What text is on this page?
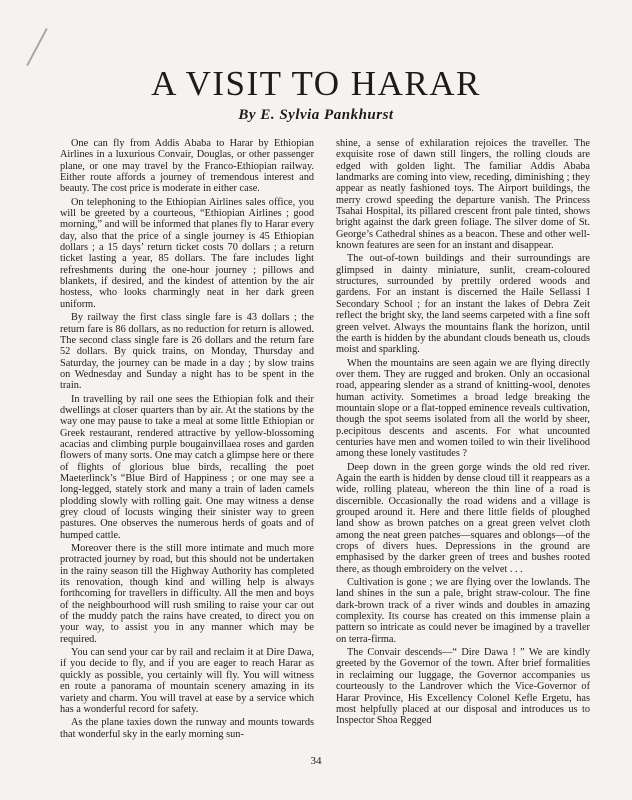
A VISIT TO HARAR
By E. Sylvia Pankhurst

One can fly from Addis Ababa to Harar by Ethiopian Airlines in a luxurious Convair, Douglas, or other passenger plane, or one may travel by the Franco-Ethiopian railway. Either route affords a journey of tremendous interest and beauty. The cost price is moderate in either case.

On telephoning to the Ethiopian Airlines sales office, you will be greeted by a courteous, “Ethiopian Airlines ; good morning,” and will be informed that planes fly to Harar every day, also that the price of a single journey is 45 Ethiopian dollars ; a 15 days’ return ticket costs 70 dollars ; a return ticket lasting a year, 85 dollars. The fare includes light refreshments during the one-hour journey ; pillows and blankets, if desired, and the kindest of attention by the air hostess, who looks charmingly neat in her dark green uniform.

By railway the first class single fare is 43 dollars ; the return fare is 86 dollars, as no reduction for return is allowed. The second class single fare is 26 dollars and the return fare 52 dollars. By quick trains, on Monday, Thursday and Saturday, the journey can be made in a day ; by slow trains on Wednesday and Sunday a night has to be spent in the train.

In travelling by rail one sees the Ethiopian folk and their dwellings at closer quarters than by air. At the stations by the way one may pause to take a meal at some little Ethiopian or Greek restaurant, rendered attractive by yellow-blossoming acacias and climbing purple bougainvillaea roses and garden flowers of many sorts. One may catch a glimpse here or there of flights of glorious blue birds, recalling the poet Maeterlinck’s “Blue Bird of Happiness ; or one may see a long-legged, stately stork and many a train of laden camels plodding slowly with rolling gait. One may witness a dense grey cloud of locusts winging their sinister way to green pastures. One observes the numerous herds of goats and of humped cattle.

Moreover there is the still more intimate and much more protracted journey by road, but this should not be undertaken in the rainy season till the Highway Authority has completed its renovation, though kind and willing help is always forthcoming for travellers in difficulty. All the men and boys of the neighbourhood will rush smiling to raise your car out of the muddy patch the rains have created, to direct you on your way, to assist you in any manner which may be required.

You can send your car by rail and reclaim it at Dire Dawa, if you decide to fly, and if you are eager to reach Harar as quickly as possible, you certainly will fly. You will witness en route a panorama of mountain scenery amazing in its variety and charm. You will travel at ease by a service which has a wonderful record for safety.

As the plane taxies down the runway and mounts towards that wonderful sky in the early morning sun-

shine, a sense of exhilaration rejoices the traveller. The exquisite rose of dawn still lingers, the rolling clouds are edged with golden light. The familiar Addis Ababa landmarks are coming into view, receding, diminishing ; they appear as neatly fashioned toys. The Airport buildings, the merry crowd speeding the departure vanish. The Princess Tsahai Hospital, its pillared crescent front pale tinted, shows bright against the dark green foliage. The silver dome of St. George’s Cathedral shines as a beacon. These and other well-known features are seen for an instant and disappear.

The out-of-town buildings and their surroundings are glimpsed in dainty miniature, sunlit, cream-coloured structures, surrounded by prettily ordered woods and gardens. For an instant is discerned the Haile Sellassi I Secondary School ; for an instant the lakes of Debra Zeit reflect the bright sky, the land seems carpeted with a fine soft green velvet. Always the mountains flank the horizon, until the earth is hidden by the abundant clouds beneath us, clouds moist and sparkling.

When the mountains are seen again we are flying directly over them. They are rugged and broken. Only an occasional road, appearing slender as a strand of knitting-wool, denotes human activity. Sometimes a broad ledge breaking the mountain slope or a flat-topped eminence reveals cultivation, though the spot seems isolated from all the world by sheer, p.ecipitous descents and ascents. For what uncounted centuries have men and women toiled to win their livelihood among these lonely vastitudes ?

Deep down in the green gorge winds the old red river. Again the earth is hidden by dense cloud till it reappears as a wide, rolling plateau, whereon the thin line of a road is discernible. Occasionally the road widens and a village is grouped around it. Here and there little fields of ploughed land show as brown patches on a great green velvet cloth among the neat green patches—squares and oblongs—of the crops of divers hues. Depressions in the ground are emphasised by the darker green of trees and bushes rooted there, as though embroidery on the velvet . . .

Cultivation is gone ; we are flying over the lowlands. The land shines in the sun a pale, bright straw-colour. The fine dark-brown track of a river winds and doubles in amazing complexity. Its course has created on this immense plain a pattern so intricate as could never be imagined by a traveller on terra-firma.

The Convair descends—“ Dire Dawa ! ” We are kindly greeted by the Governor of the town. After brief formalities in reclaiming our luggage, the Governor accompanies us courteously to the Landrover which the Vice-Governor of Harar Province, His Excellency Colonel Kefle Ergetu, has most helpfully placed at our disposal and introduces us to Inspector Shoa Regged

34
